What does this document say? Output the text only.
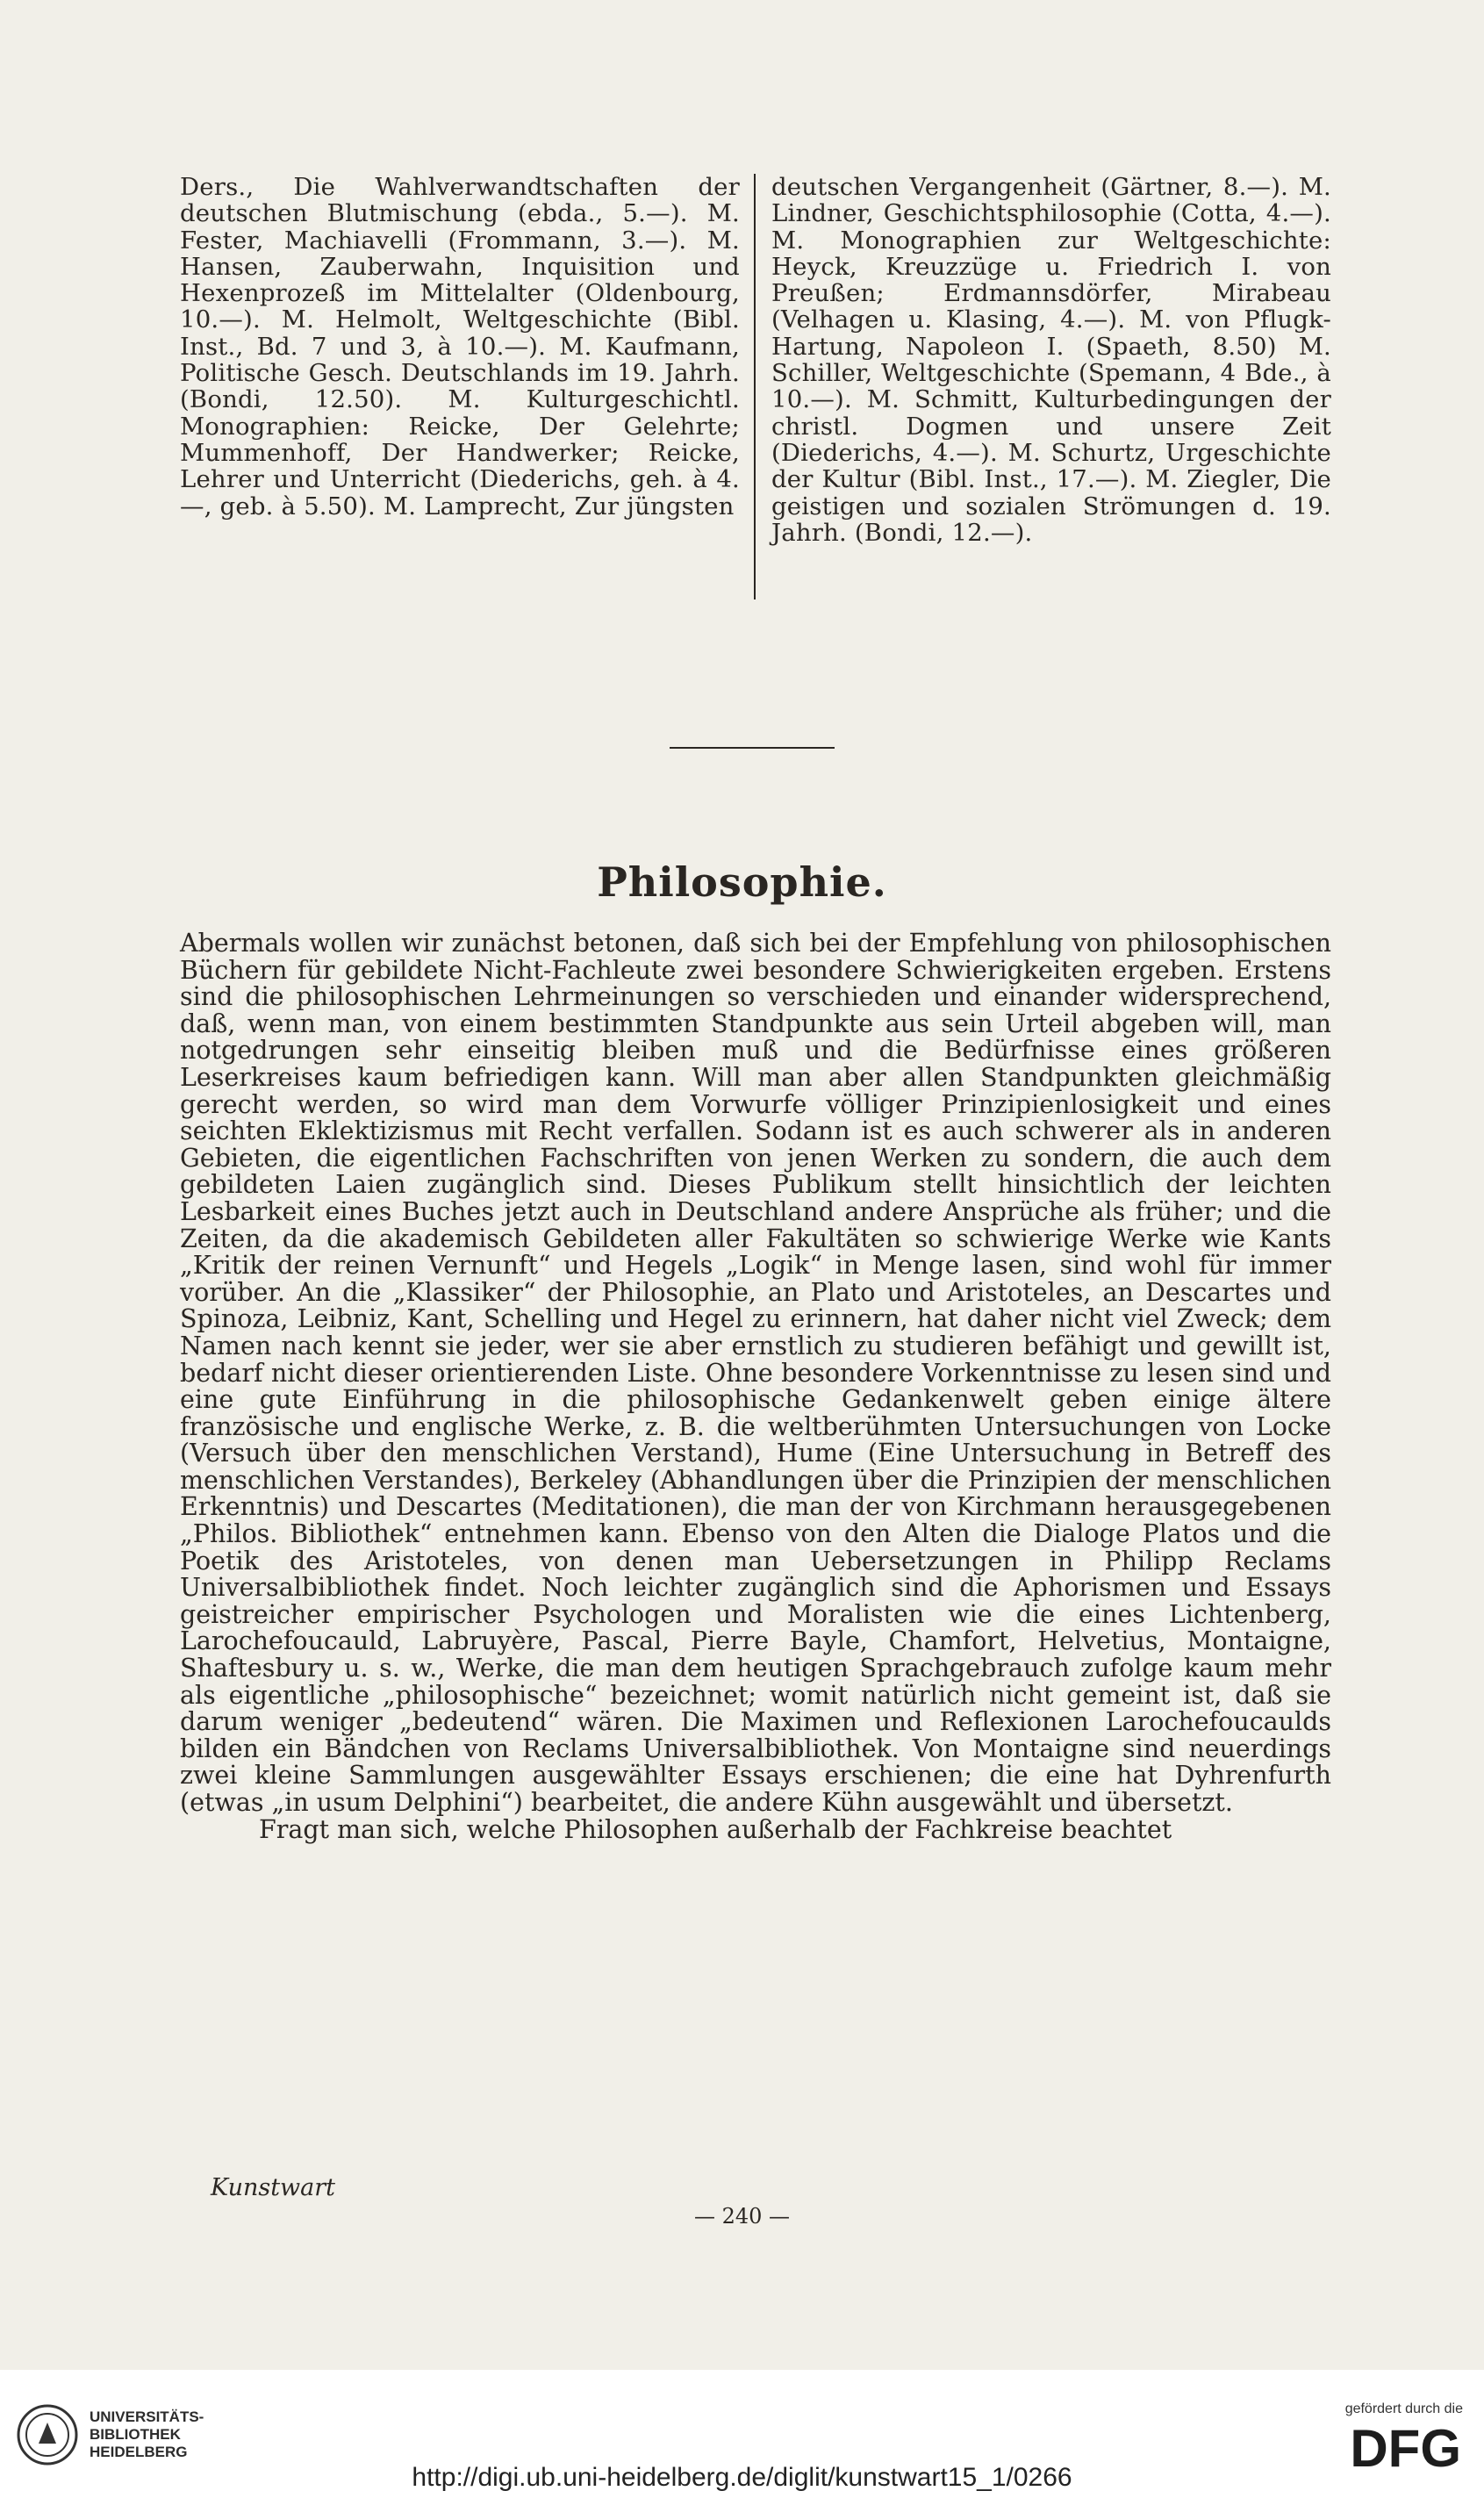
Ders., Die Wahlverwandtschaften der deutschen Blutmischung (ebda., 5.—). M. Fester, Machiavelli (Frommann, 3.—). M. Hansen, Zauberwahn, Inquisition und Hexenprozeß im Mittelalter (Oldenbourg, 10.—). M. Helmolt, Weltgeschichte (Bibl. Inst., Bd. 7 und 3, à 10.—). M. Kaufmann, Politische Gesch. Deutschlands im 19. Jahrh. (Bondi, 12.50). M. Kulturgeschichtl. Monographien: Reicke, Der Gelehrte; Mummenhoff, Der Handwerker; Reicke, Lehrer und Unterricht (Diederichs, geh. à 4.—, geb. à 5.50). M. Lamprecht, Zur jüngsten
deutschen Vergangenheit (Gärtner, 8.—). M. Lindner, Geschichtsphilosophie (Cotta, 4.—). M. Monographien zur Weltgeschichte: Heyck, Kreuzzüge u. Friedrich I. von Preußen; Erdmannsdörfer, Mirabeau (Velhagen u. Klasing, 4.—). M. von Pflugk-Hartung, Napoleon I. (Spaeth, 8.50) M. Schiller, Weltgeschichte (Spemann, 4 Bde., à 10.—). M. Schmitt, Kulturbedingungen der christl. Dogmen und unsere Zeit (Diederichs, 4.—). M. Schurtz, Urgeschichte der Kultur (Bibl. Inst., 17.—). M. Ziegler, Die geistigen und sozialen Strömungen d. 19. Jahrh. (Bondi, 12.—).
Philosophie.

Abermals wollen wir zunächst betonen, daß sich bei der Empfehlung von philosophischen Büchern für gebildete Nicht-Fachleute zwei besondere Schwierigkeiten ergeben. Erstens sind die philosophischen Lehrmeinungen so verschieden und einander widersprechend, daß, wenn man, von einem bestimmten Standpunkte aus sein Urteil abgeben will, man notgedrungen sehr einseitig bleiben muß und die Bedürfnisse eines größeren Leserkreises kaum befriedigen kann. Will man aber allen Standpunkten gleichmäßig gerecht werden, so wird man dem Vorwurfe völliger Prinzipienlosigkeit und eines seichten Eklektizismus mit Recht verfallen. Sodann ist es auch schwerer als in anderen Gebieten, die eigentlichen Fachschriften von jenen Werken zu sondern, die auch dem gebildeten Laien zugänglich sind. Dieses Publikum stellt hinsichtlich der leichten Lesbarkeit eines Buches jetzt auch in Deutschland andere Ansprüche als früher; und die Zeiten, da die akademisch Gebildeten aller Fakultäten so schwierige Werke wie Kants „Kritik der reinen Vernunft“ und Hegels „Logik“ in Menge lasen, sind wohl für immer vorüber. An die „Klassiker“ der Philosophie, an Plato und Aristoteles, an Descartes und Spinoza, Leibniz, Kant, Schelling und Hegel zu erinnern, hat daher nicht viel Zweck; dem Namen nach kennt sie jeder, wer sie aber ernstlich zu studieren befähigt und gewillt ist, bedarf nicht dieser orientierenden Liste. Ohne besondere Vorkenntnisse zu lesen sind und eine gute Einführung in die philosophische Gedankenwelt geben einige ältere französische und englische Werke, z. B. die weltberühmten Untersuchungen von Locke (Versuch über den menschlichen Verstand), Hume (Eine Untersuchung in Betreff des menschlichen Verstandes), Berkeley (Abhandlungen über die Prinzipien der menschlichen Erkenntnis) und Descartes (Meditationen), die man der von Kirchmann herausgegebenen „Philos. Bibliothek“ entnehmen kann. Ebenso von den Alten die Dialoge Platos und die Poetik des Aristoteles, von denen man Uebersetzungen in Philipp Reclams Universalbibliothek findet. Noch leichter zugänglich sind die Aphorismen und Essays geistreicher empirischer Psychologen und Moralisten wie die eines Lichtenberg, Larochefoucauld, Labruyère, Pascal, Pierre Bayle, Chamfort, Helvetius, Montaigne, Shaftesbury u. s. w., Werke, die man dem heutigen Sprachgebrauch zufolge kaum mehr als eigentliche „philosophische“ bezeichnet; womit natürlich nicht gemeint ist, daß sie darum weniger „bedeutend“ wären. Die Maximen und Reflexionen Larochefoucaulds bilden ein Bändchen von Reclams Universalbibliothek. Von Montaigne sind neuerdings zwei kleine Sammlungen ausgewählter Essays erschienen; die eine hat Dyhrenfurth (etwas „in usum Delphini“) bearbeitet, die andere Kühn ausgewählt und übersetzt.

Fragt man sich, welche Philosophen außerhalb der Fachkreise beachtet

Kunstwart
— 240 —
UNIVERSITÄTS-
BIBLIOTHEK
HEIDELBERG
http://digi.ub.uni-heidelberg.de/diglit/kunstwart15_1/0266
gefördert durch die
DFG
